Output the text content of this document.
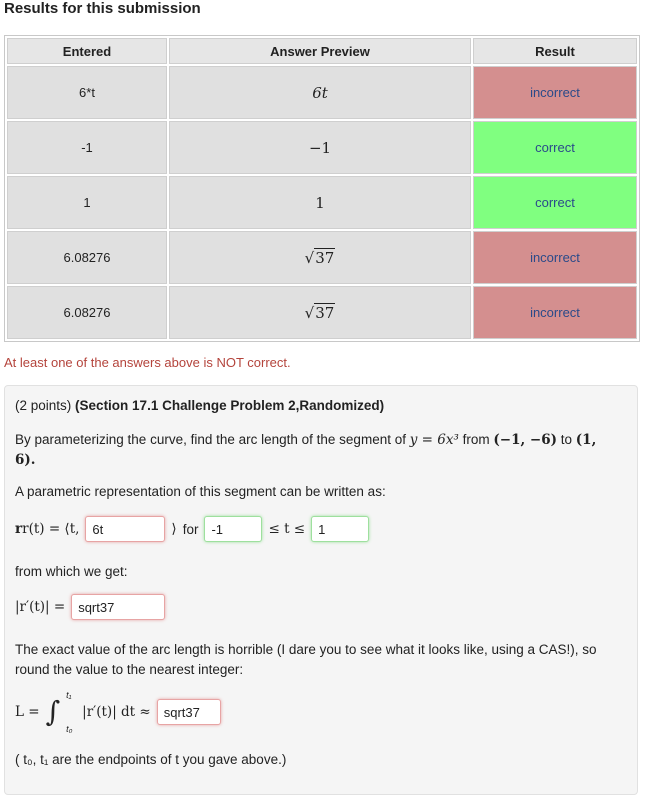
Results for this submission
Entered	Answer Preview	Result
6*t	6t	incorrect
-1	−1	correct
1	1	correct
6.08276	√37	incorrect
6.08276	√37	incorrect

At least one of the answers above is NOT correct.

(2 points) (Section 17.1 Challenge Problem 2,Randomized)

By parameterizing the curve, find the arc length of the segment of y = 6x³ from (−1, −6) to (1, 6).

A parametric representation of this segment can be written as:

rr(t) = ⟨t,	6t	⟩ for	-1	≤ t ≤	1

from which we get:

|r′(t)| =	sqrt37

The exact value of the arc length is horrible (I dare you to see what it looks like, using a CAS!), so round the value to the nearest integer:

L = ∫ t₁
t₀
|r′(t)| dt ≈	sqrt37

( t₀, t₁ are the endpoints of t you gave above.)
